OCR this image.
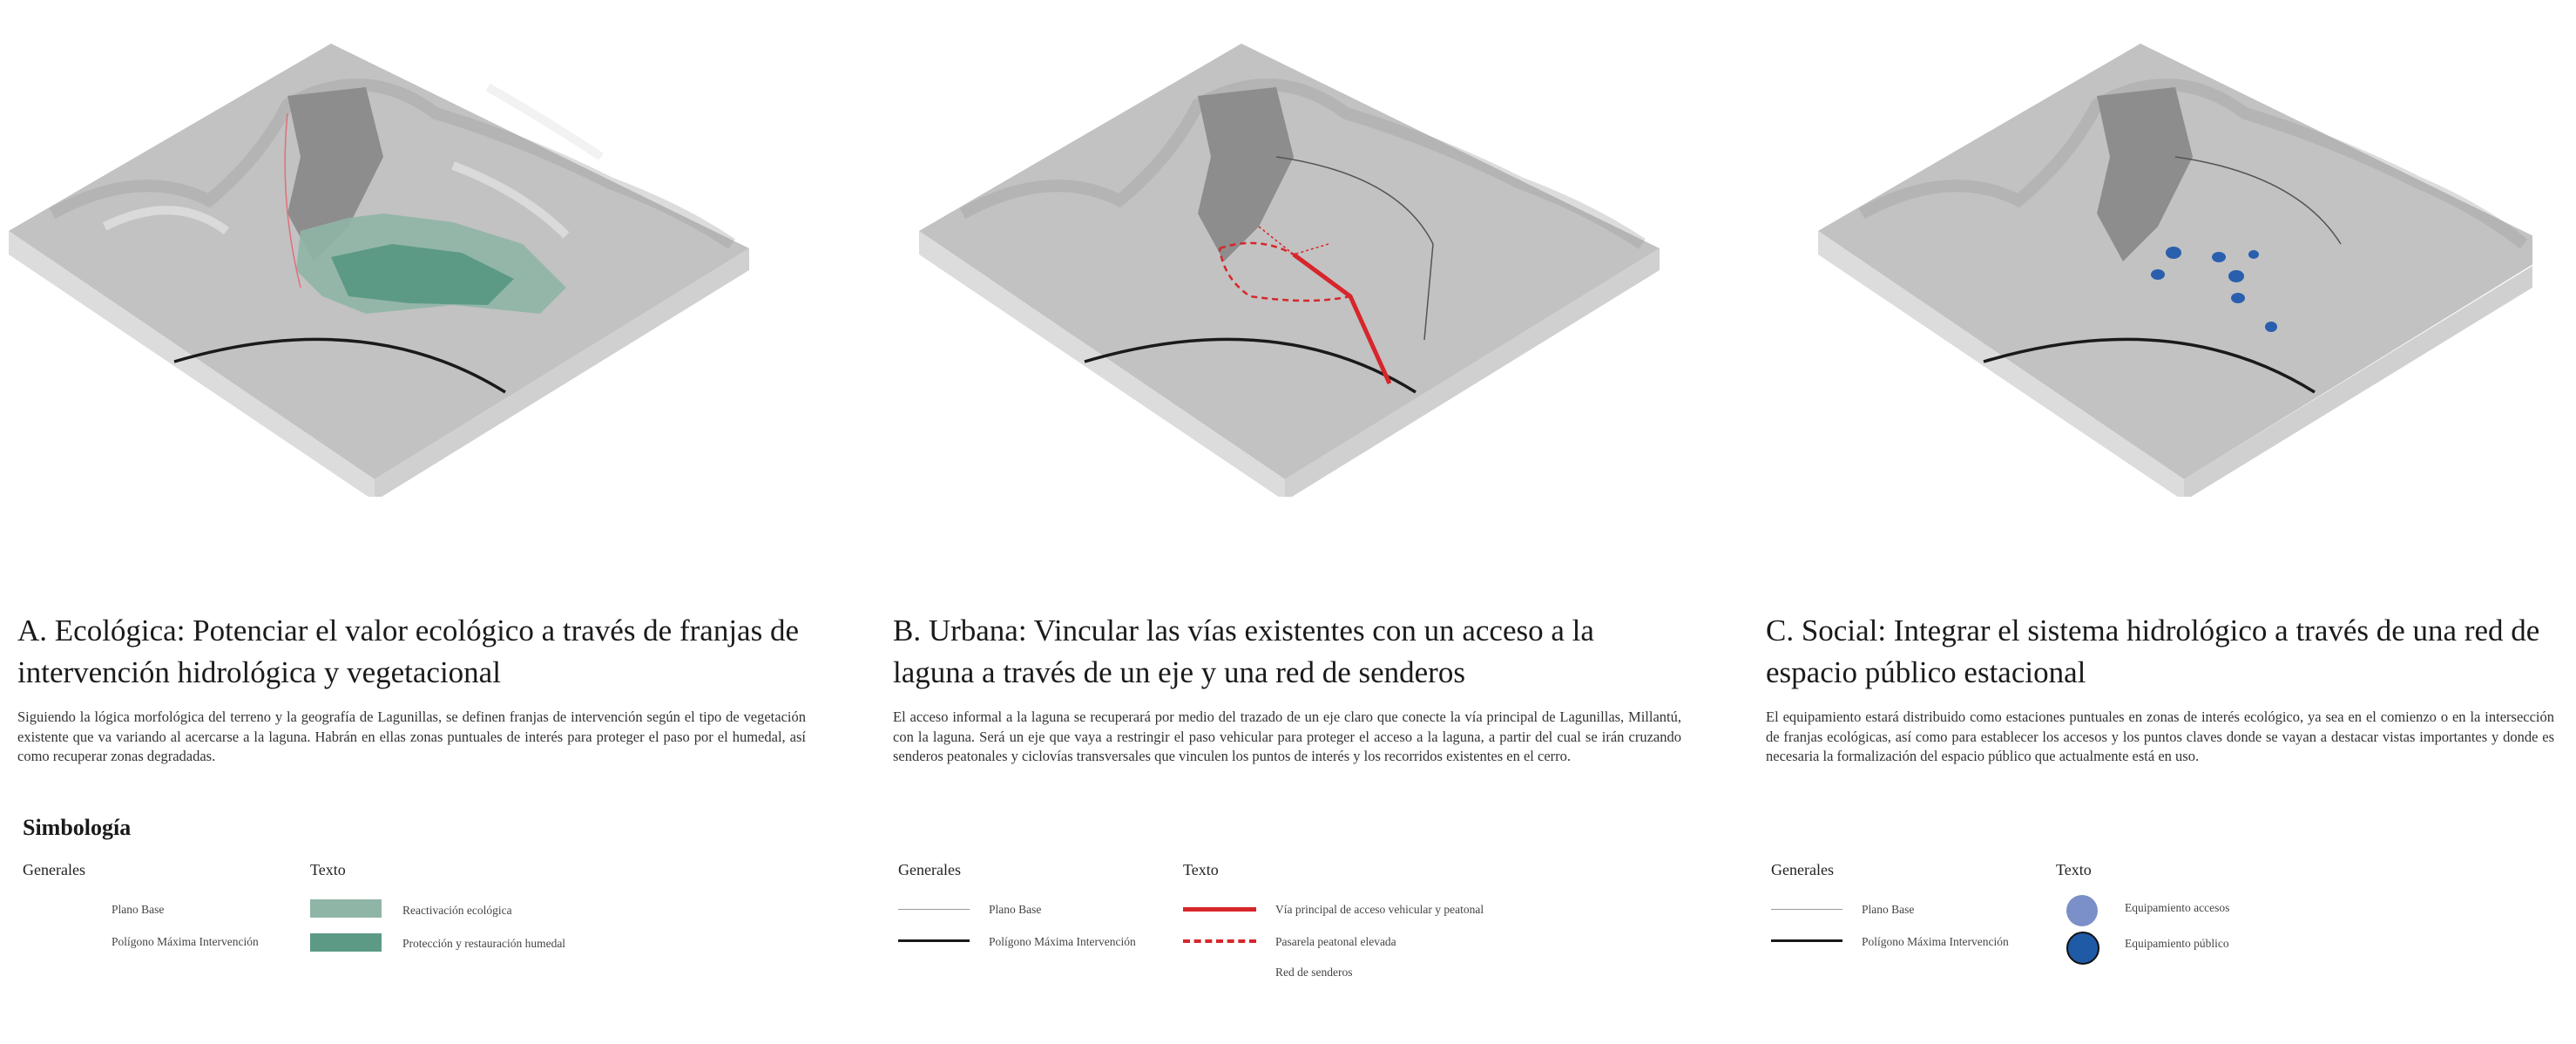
A. Ecológica: Potenciar el valor ecológico a través de franjas de intervención hidrológica y vegetacional

Siguiendo la lógica morfológica del terreno y la geografía de Lagunillas, se definen franjas de intervención según el tipo de vegetación existente que va variando al acercarse a la laguna. Habrán en ellas zonas puntuales de interés para proteger el paso por el humedal, así como recuperar zonas degradadas.

Simbología
Generales	Texto
Plano Base
Polígono Máxima Intervención
Reactivación ecológica
Protección y restauración humedal
B. Urbana: Vincular las vías existentes con un acceso a la laguna a través de un eje y una red de senderos

El acceso informal a la laguna se recuperará por medio del trazado de un eje claro que conecte la vía principal de Lagunillas, Millantú, con la laguna. Será un eje que vaya a restringir el paso vehicular para proteger el acceso a la laguna, a partir del cual se irán cruzando senderos peatonales y ciclovías transversales que vinculen los puntos de interés y los recorridos existentes en el cerro.

Generales	Texto
Plano Base
Polígono Máxima Intervención
Vía principal de acceso vehicular y peatonal
Pasarela peatonal elevada
Red de senderos
C. Social: Integrar el sistema hidrológico a través de una red de espacio público estacional

El equipamiento estará distribuido como estaciones puntuales en zonas de interés ecológico, ya sea en el comienzo o en la intersección de franjas ecológicas, así como para establecer los accesos y los puntos claves donde se vayan a destacar vistas importantes y donde es necesaria la formalización del espacio público que actualmente está en uso.

Generales	Texto
Plano Base
Polígono Máxima Intervención
Equipamiento accesos
Equipamiento público
